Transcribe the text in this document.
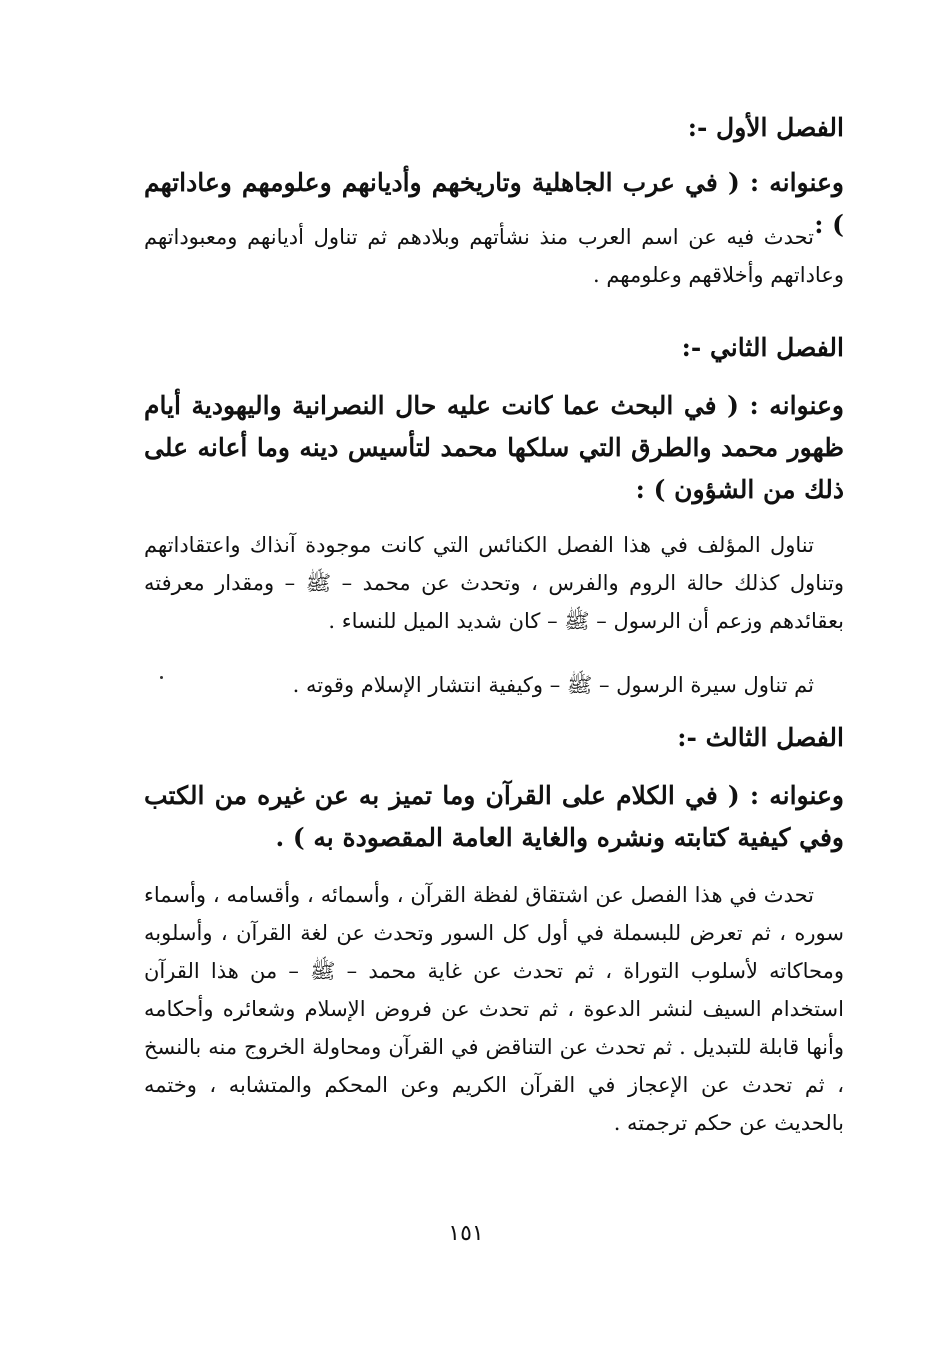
الفصل الأول -:
وعنوانه : ( في عرب الجاهلية وتاريخهم وأديانهم وعلومهم وعاداتهم ) :
تحدث فيه عن اسم العرب منذ نشأتهم وبلادهم ثم تناول أديانهم ومعبوداتهم وعاداتهم وأخلاقهم وعلومهم .
الفصل الثاني -:
وعنوانه : ( في البحث عما كانت عليه حال النصرانية واليهودية أيام ظهور محمد والطرق التي سلكها محمد لتأسيس دينه وما أعانه على ذلك من الشؤون ) :
تناول المؤلف في هذا الفصل الكنائس التي كانت موجودة آنذاك واعتقاداتهم وتناول كذلك حالة الروم والفرس ، وتحدث عن محمد – ﷺ – ومقدار معرفته بعقائدهم وزعم أن الرسول – ﷺ – كان شديد الميل للنساء .
ثم تناول سيرة الرسول – ﷺ – وكيفية انتشار الإسلام وقوته .
الفصل الثالث -:
وعنوانه : ( في الكلام على القرآن وما تميز به عن غيره من الكتب وفي كيفية كتابته ونشره والغاية العامة المقصودة به ) .
تحدث في هذا الفصل عن اشتقاق لفظة القرآن ، وأسمائه ، وأقسامه ، وأسماء سوره ، ثم تعرض للبسملة في أول كل السور وتحدث عن لغة القرآن ، وأسلوبه ومحاكاته لأسلوب التوراة ، ثم تحدث عن غاية محمد – ﷺ – من هذا القرآن استخدام السيف لنشر الدعوة ، ثم تحدث عن فروض الإسلام وشعائره وأحكامه وأنها قابلة للتبديل . ثم تحدث عن التناقض في القرآن ومحاولة الخروج منه بالنسخ ، ثم تحدث عن الإعجاز في القرآن الكريم وعن المحكم والمتشابه ، وختمه بالحديث عن حكم ترجمته .
١٥١
